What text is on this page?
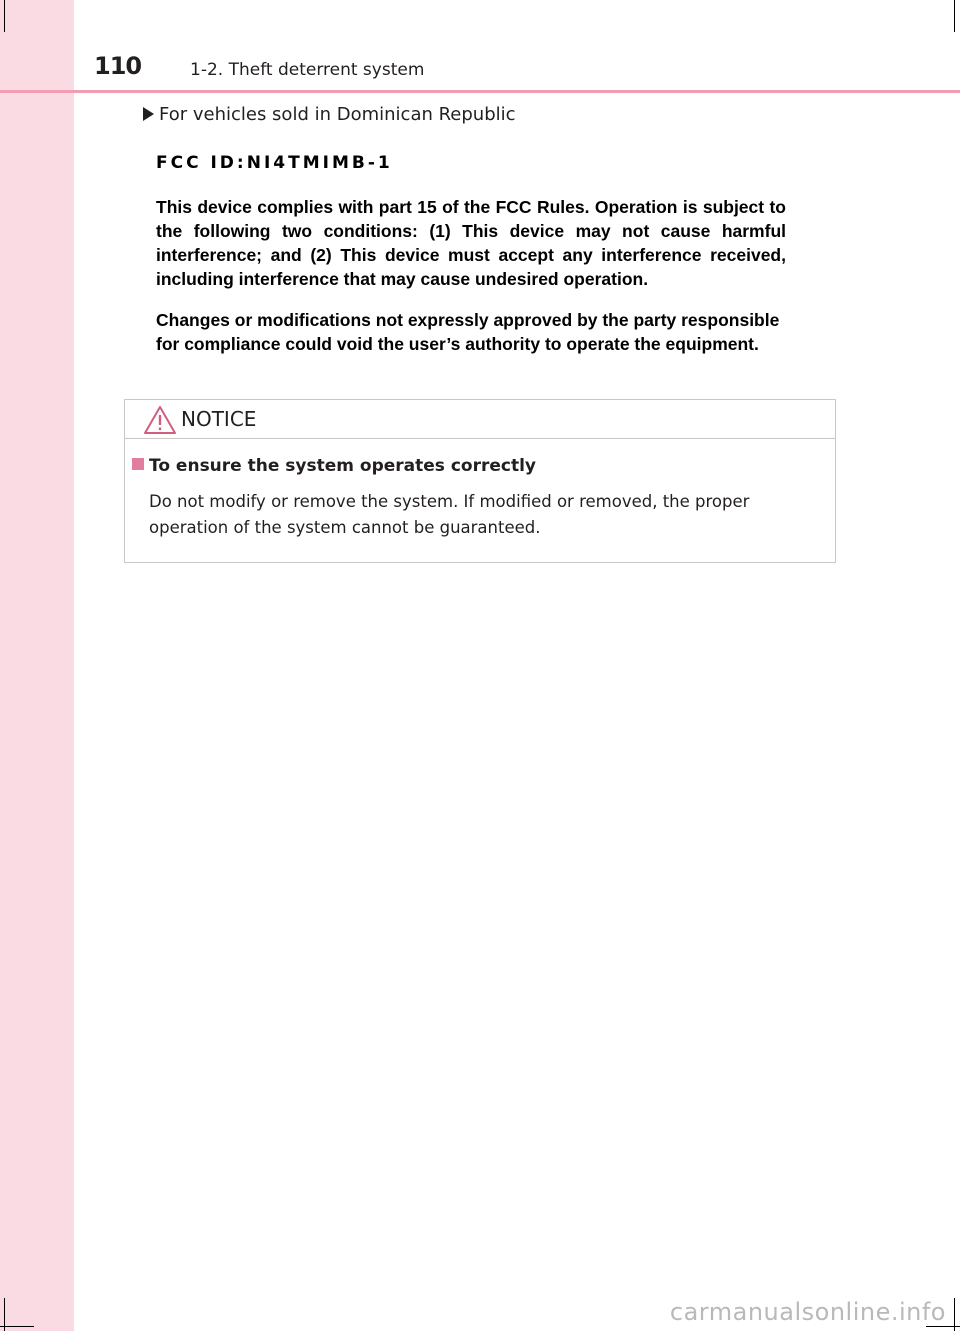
110	1-2. Theft deterrent system
For vehicles sold in Dominican Republic
FCC ID:NI4TMIMB-1
This device complies with part 15 of the FCC Rules. Operation is subject to the following two conditions: (1) This device may not cause harmful interference; and (2) This device must accept any interference received, including interference that may cause undesired operation.
Changes or modifications not expressly approved by the party responsible for compliance could void the user’s authority to operate the equipment.
NOTICE
To ensure the system operates correctly
Do not modify or remove the system. If modified or removed, the proper operation of the system cannot be guaranteed.
carmanualsonline.info
